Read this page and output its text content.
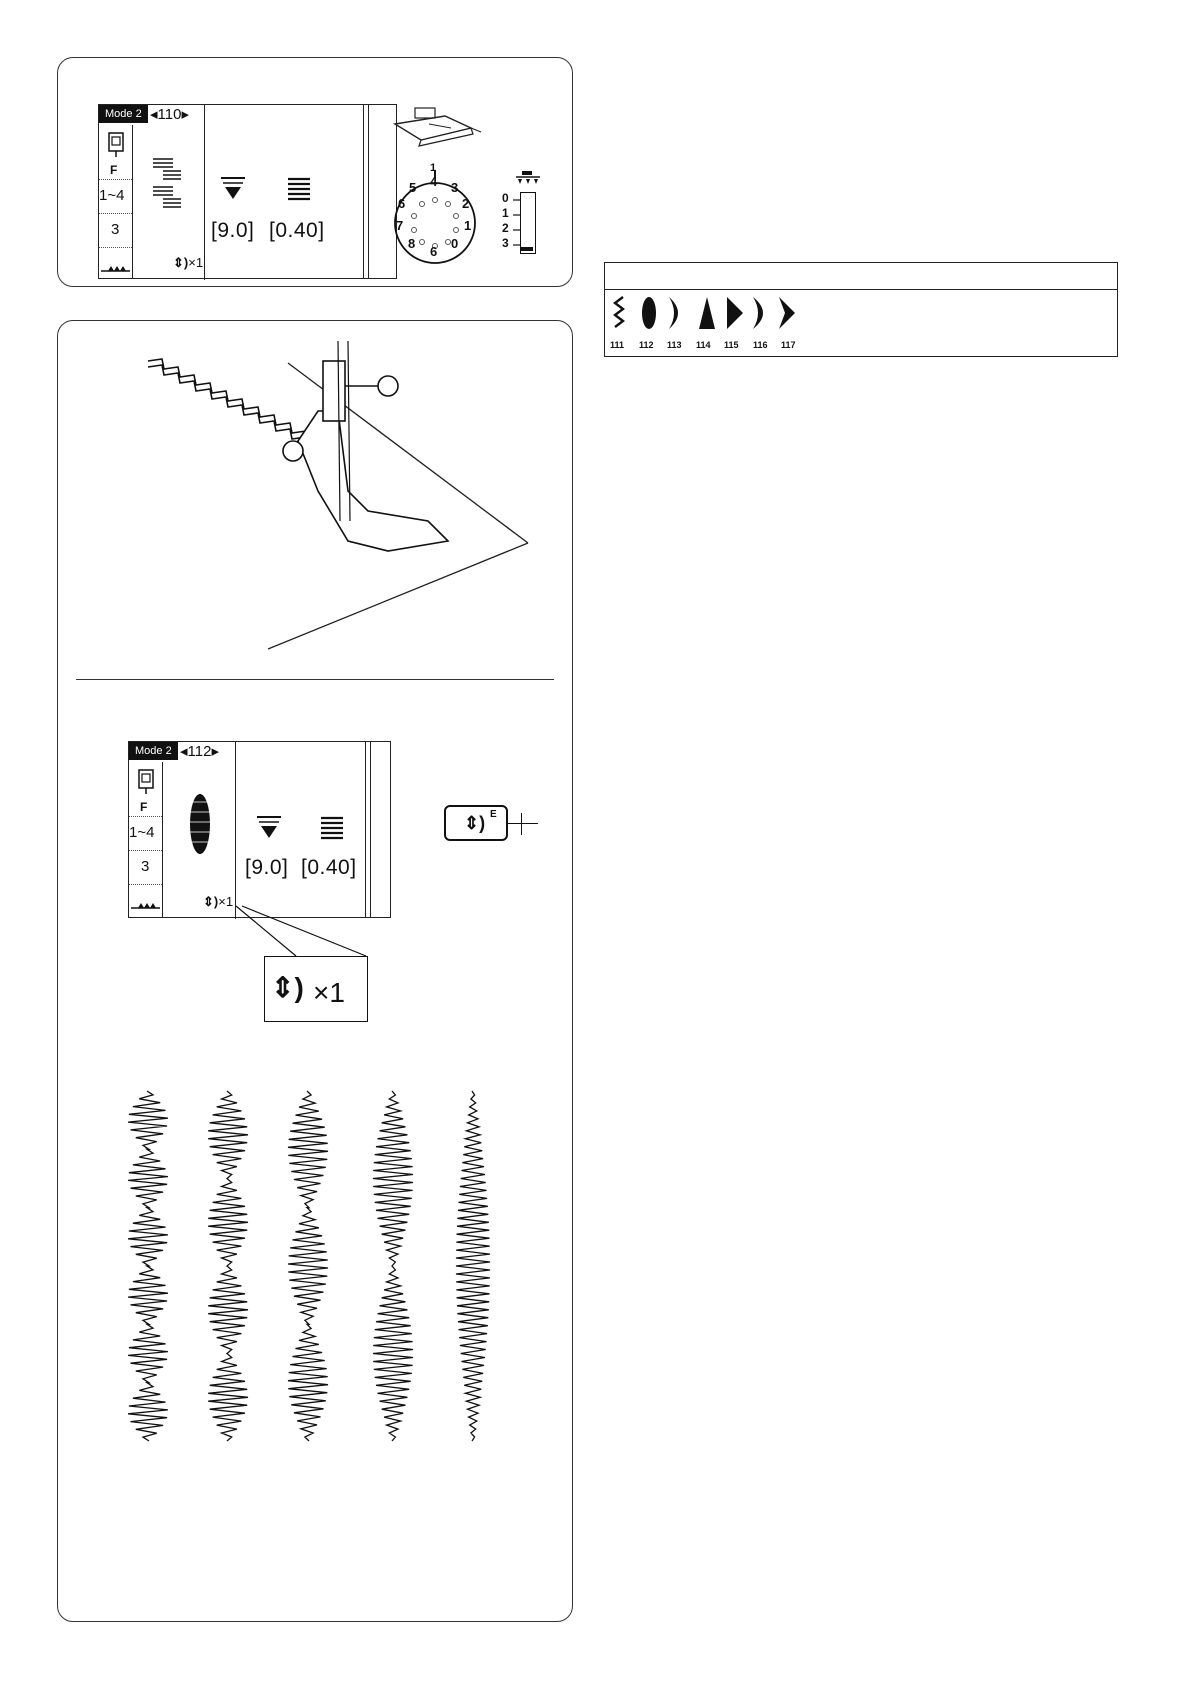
Mode 2 ◂110▸
F
1~4
3	[9.0] [0.40]
⇕)×1
1
5 4 3
6	2
7	1
8
6
0
0
1
2
3
111 112 113 114 115 116 117
Mode 2 ◂112▸
F
1~4
3	[9.0] [0.40]
⇕)×1
⇕) E
⇕) ×1
